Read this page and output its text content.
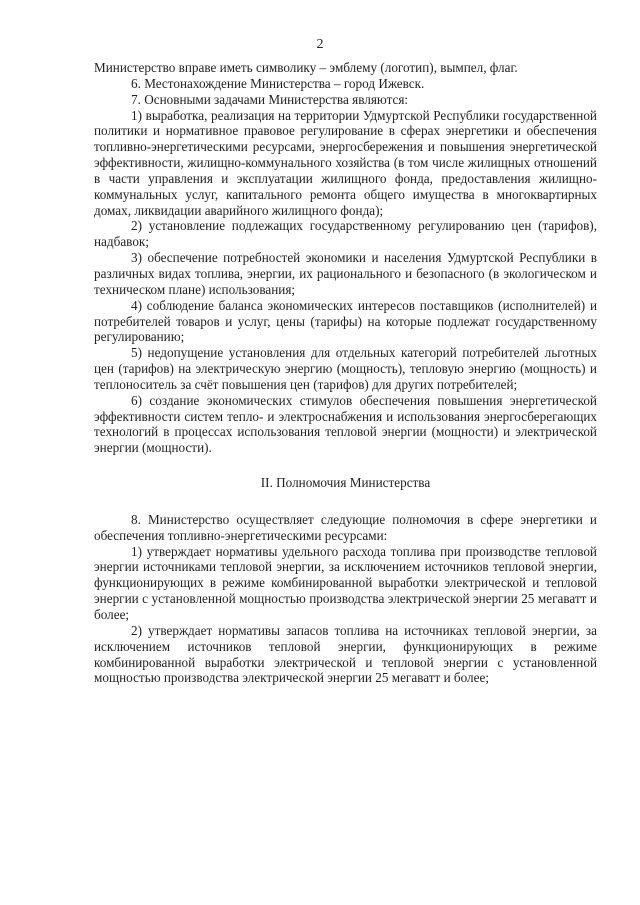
2

Министерство вправе иметь символику – эмблему (логотип), вымпел, флаг.

6. Местонахождение Министерства – город Ижевск.

7. Основными задачами Министерства являются:

1) выработка, реализация на территории Удмуртской Республики государственной политики и нормативное правовое регулирование в сферах энергетики и обеспечения топливно-энергетическими ресурсами, энергосбережения и повышения энергетической эффективности, жилищно-коммунального хозяйства (в том числе жилищных отношений в части управления и эксплуатации жилищного фонда, предоставления жилищно-коммунальных услуг, капитального ремонта общего имущества в многоквартирных домах, ликвидации аварийного жилищного фонда);

2) установление подлежащих государственному регулированию цен (тарифов), надбавок;

3) обеспечение потребностей экономики и населения Удмуртской Республики в различных видах топлива, энергии, их рационального и безопасного (в экологическом и техническом плане) использования;

4) соблюдение баланса экономических интересов поставщиков (исполнителей) и потребителей товаров и услуг, цены (тарифы) на которые подлежат государственному регулированию;

5) недопущение установления для отдельных категорий потребителей льготных цен (тарифов) на электрическую энергию (мощность), тепловую энергию (мощность) и теплоноситель за счёт повышения цен (тарифов) для других потребителей;

6) создание экономических стимулов обеспечения повышения энергетической эффективности систем тепло- и электроснабжения и использования энергосберегающих технологий в процессах использования тепловой энергии (мощности) и электрической энергии (мощности).

II. Полномочия Министерства

8. Министерство осуществляет следующие полномочия в сфере энергетики и обеспечения топливно-энергетическими ресурсами:

1) утверждает нормативы удельного расхода топлива при производстве тепловой энергии источниками тепловой энергии, за исключением источников тепловой энергии, функционирующих в режиме комбинированной выработки электрической и тепловой энергии с установленной мощностью производства электрической энергии 25 мегаватт и более;

2) утверждает нормативы запасов топлива на источниках тепловой энергии, за исключением источников тепловой энергии, функционирующих в режиме комбинированной выработки электрической и тепловой энергии с установленной мощностью производства электрической энергии 25 мегаватт и более;
